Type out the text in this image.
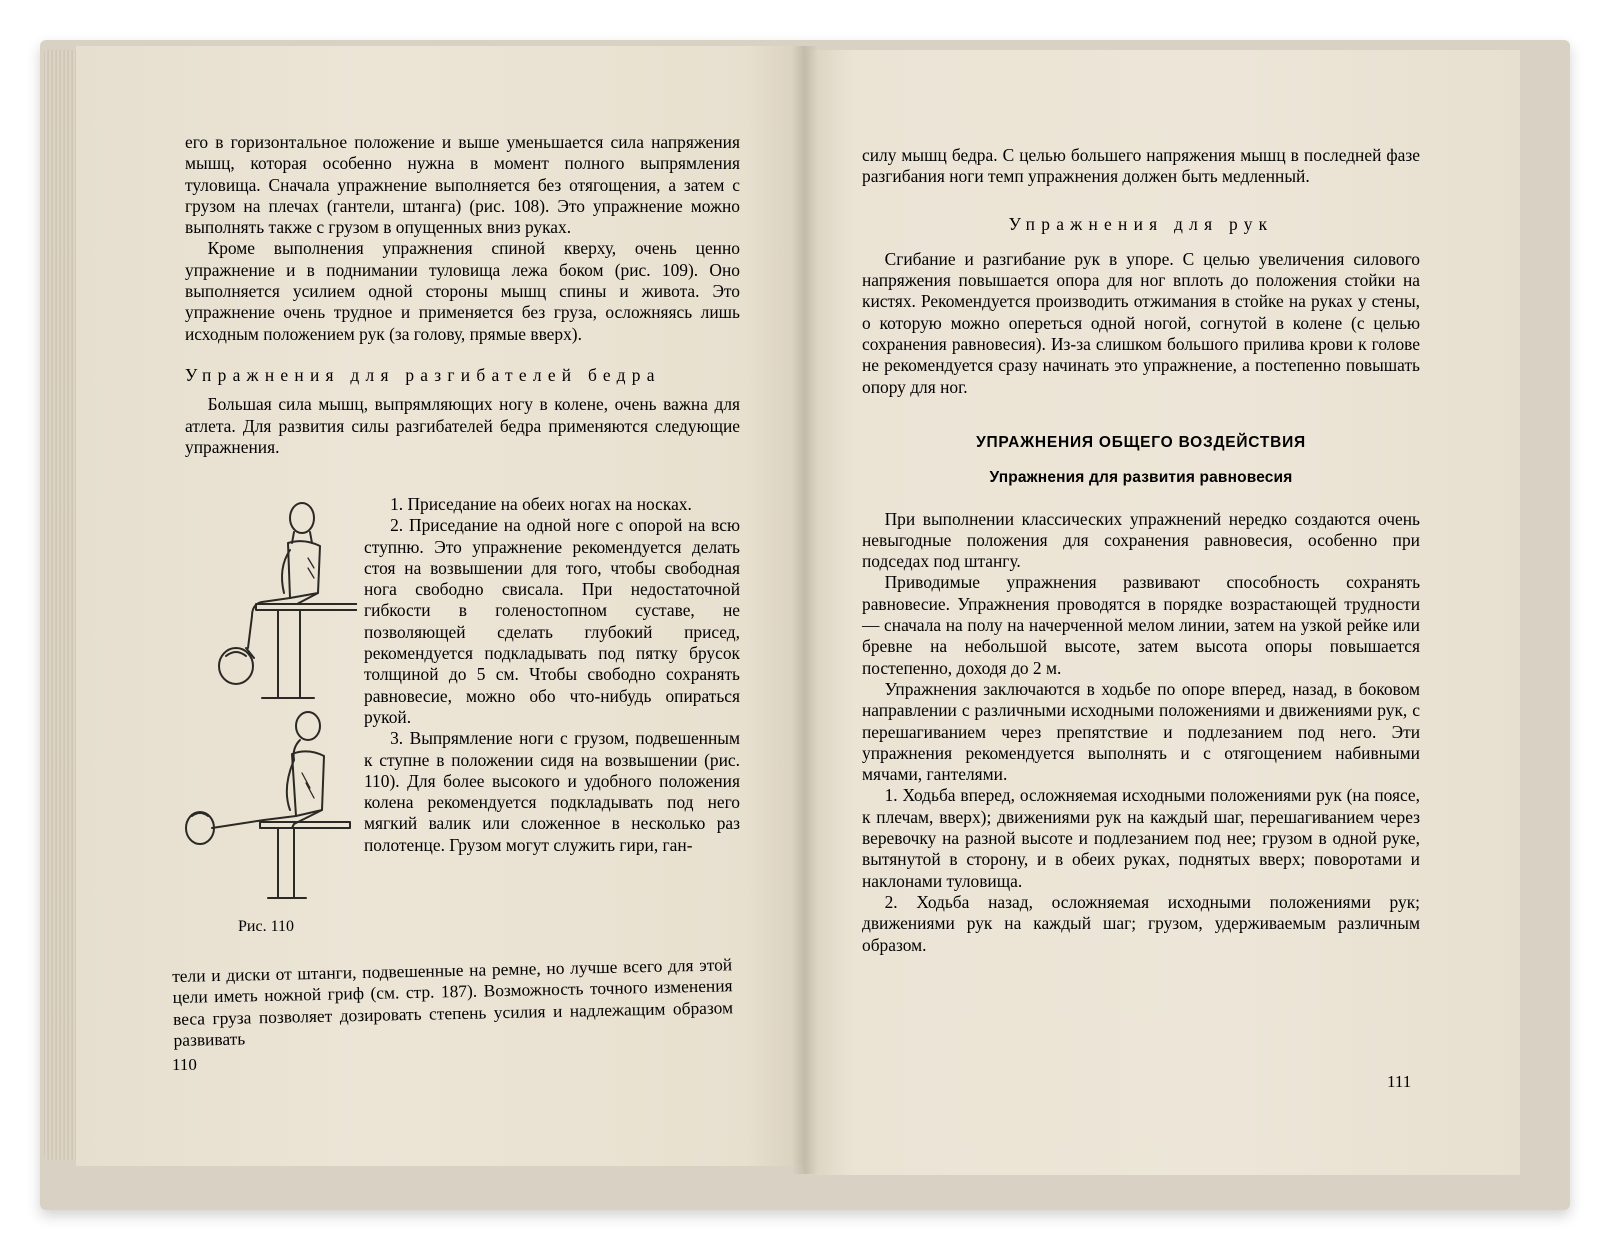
его в горизонтальное положение и выше уменьшается сила напряжения мышц, которая особенно нужна в момент полного выпрямления туловища. Сначала упражнение выполняется без отягощения, а затем с грузом на плечах (гантели, штанга) (рис. 108). Это упражнение можно выполнять также с грузом в опущенных вниз руках.

Кроме выполнения упражнения спиной кверху, очень ценно упражнение и в поднимании туловища лежа боком (рис. 109). Оно выполняется усилием одной стороны мышц спины и живота. Это упражнение очень трудное и применяется без груза, осложняясь лишь исходным положением рук (за голову, прямые вверх).

Упражнения для разгибателей бедра

Большая сила мышц, выпрямляющих ногу в колене, очень важна для атлета. Для развития силы разгибателей бедра применяются следующие упражнения.

Рис. 110

1. Приседание на обеих ногах на носках.

2. Приседание на одной ноге с опорой на всю ступню. Это упражнение рекомендуется делать стоя на возвышении для того, чтобы свободная нога свободно свисала. При недостаточной гибкости в голеностопном суставе, не позволяющей сделать глубокий присед, рекомендуется подкладывать под пятку брусок толщиной до 5 см. Чтобы свободно сохранять равновесие, можно обо что-нибудь опираться рукой.

3. Выпрямление ноги с грузом, подвешенным к ступне в положении сидя на возвышении (рис. 110). Для более высокого и удобного положения колена рекомендуется подкладывать под него мягкий валик или сложенное в несколько раз полотенце. Грузом могут служить гири, ган-

тели и диски от штанги, подвешенные на ремне, но лучше всего для этой цели иметь ножной гриф (см. стр. 187). Возможность точного изменения веса груза позволяет дозировать степень усилия и надлежащим образом развивать

110

силу мышц бедра. С целью большего напряжения мышц в последней фазе разгибания ноги темп упражнения должен быть медленный.

Упражнения для рук

Сгибание и разгибание рук в упоре. С целью увеличения силового напряжения повышается опора для ног вплоть до положения стойки на кистях. Рекомендуется производить отжимания в стойке на руках у стены, о которую можно опереться одной ногой, согнутой в колене (с целью сохранения равновесия). Из-за слишком большого прилива крови к голове не рекомендуется сразу начинать это упражнение, а постепенно повышать опору для ног.

УПРАЖНЕНИЯ ОБЩЕГО ВОЗДЕЙСТВИЯ
Упражнения для развития равновесия

При выполнении классических упражнений нередко создаются очень невыгодные положения для сохранения равновесия, особенно при подседах под штангу.

Приводимые упражнения развивают способность сохранять равновесие. Упражнения проводятся в порядке возрастающей трудности — сначала на полу на начерченной мелом линии, затем на узкой рейке или бревне на небольшой высоте, затем высота опоры повышается постепенно, доходя до 2 м.

Упражнения заключаются в ходьбе по опоре вперед, назад, в боковом направлении с различными исходными положениями и движениями рук, с перешагиванием через препятствие и подлезанием под него. Эти упражнения рекомендуется выполнять и с отягощением набивными мячами, гантелями.

1. Ходьба вперед, осложняемая исходными положениями рук (на поясе, к плечам, вверх); движениями рук на каждый шаг, перешагиванием через веревочку на разной высоте и подлезанием под нее; грузом в одной руке, вытянутой в сторону, и в обеих руках, поднятых вверх; поворотами и наклонами туловища.

2. Ходьба назад, осложняемая исходными положениями рук; движениями рук на каждый шаг; грузом, удерживаемым различным образом.

111
